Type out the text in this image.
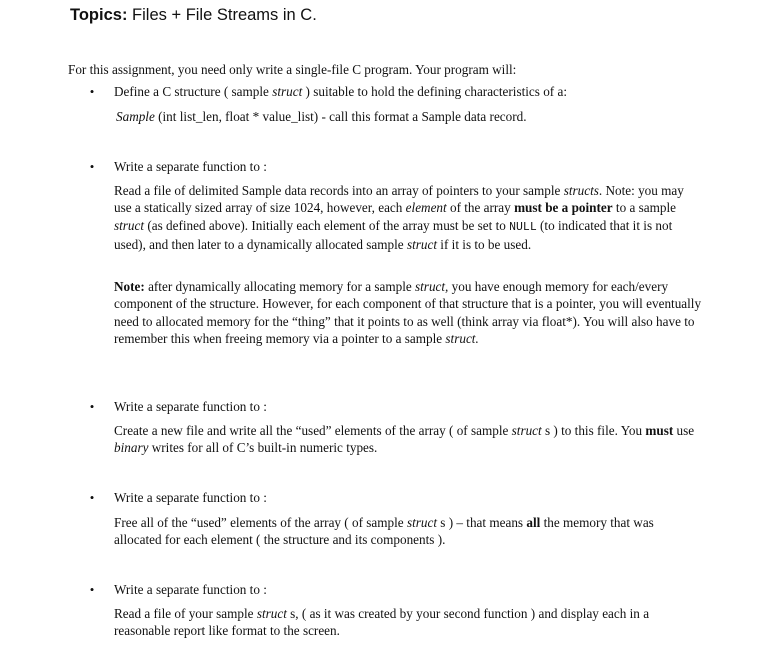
Topics: Files + File Streams in C.
For this assignment, you need only write a single-file C program. Your program will:
• Define a C structure ( sample struct ) suitable to hold the defining characteristics of a:
Sample (int list_len, float * value_list) - call this format a Sample data record.
• Write a separate function to :
Read a file of delimited Sample data records into an array of pointers to your sample structs. Note: you may use a statically sized array of size 1024, however, each element of the array must be a pointer to a sample struct (as defined above). Initially each element of the array must be set to NULL (to indicated that it is not used), and then later to a dynamically allocated sample struct if it is to be used.
Note: after dynamically allocating memory for a sample struct, you have enough memory for each/every component of the structure. However, for each component of that structure that is a pointer, you will eventually need to allocated memory for the “thing” that it points to as well (think array via float*). You will also have to remember this when freeing memory via a pointer to a sample struct.
• Write a separate function to :
Create a new file and write all the “used” elements of the array ( of sample struct s ) to this file. You must use binary writes for all of C’s built-in numeric types.
• Write a separate function to :
Free all of the “used” elements of the array ( of sample struct s ) – that means all the memory that was allocated for each element ( the structure and its components ).
• Write a separate function to :
Read a file of your sample struct s, ( as it was created by your second function ) and display each in a reasonable report like format to the screen.
